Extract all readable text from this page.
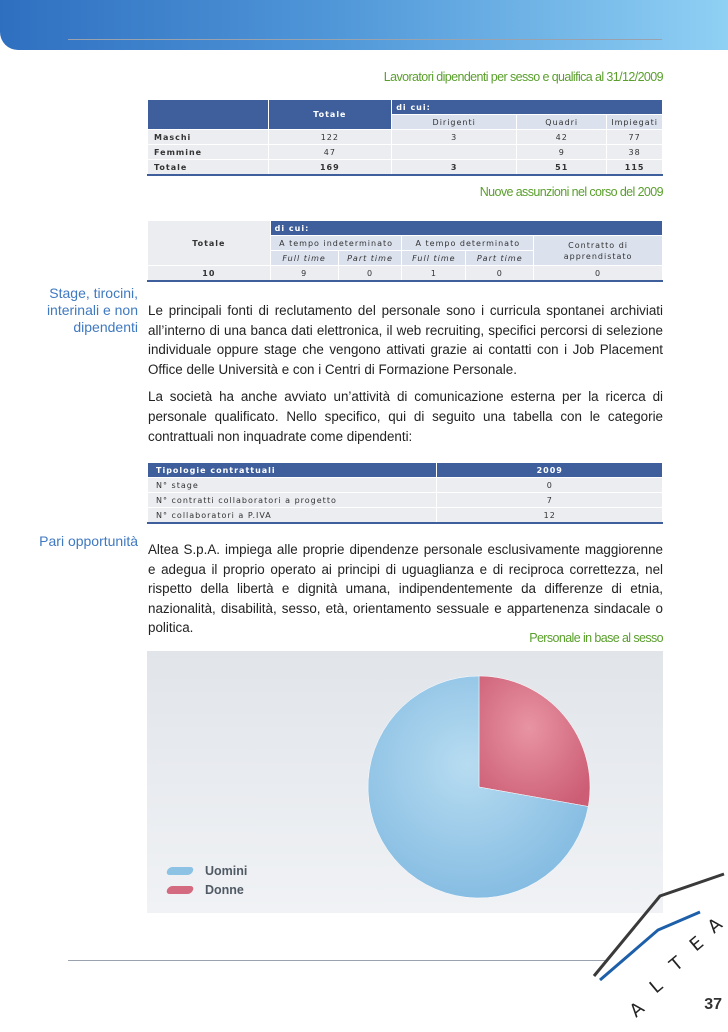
Lavoratori dipendenti per sesso e qualifica al 31/12/2009
	Totale	di cui:		
		Dirigenti	Quadri	Impiegati
Maschi	122	3	42	77
Femmine	47		9	38
Totale	169	3	51	115
Nuove assunzioni nel corso del 2009
Totale	di cui:				
	A tempo indeterminato		A tempo determinato		Contratto di apprendistato
	Full time	Part time	Full time	Part time	
10	9	0	1	0	0
Stage, tirocini, interinali e non dipendenti

Le principali fonti di reclutamento del personale sono i curricula spontanei archiviati all’interno di una banca dati elettronica, il web recruiting, specifici percorsi di selezione individuale oppure stage che vengono attivati grazie ai contatti con i Job Placement Office delle Università e con i Centri di Formazione Personale.

La società ha anche avviato un’attività di comunicazione esterna per la ricerca di personale qualificato. Nello specifico, qui di seguito una tabella con le categorie contrattuali non inquadrate come dipendenti:

Tipologie contrattuali	2009
N° stage	0
N° contratti collaboratori a progetto	7
N° collaboratori a P.IVA	12
Pari opportunità

Altea S.p.A. impiega alle proprie dipendenze personale esclusivamente maggiorenne e adegua il proprio operato ai principi di uguaglianza e di reciproca correttezza, nel rispetto della libertà e dignità umana, indipendentemente da differenze di etnia, nazionalità, disabilità, sesso, età, orientamento sessuale e appartenenza sindacale o politica.

Personale in base al sesso
Uomini
Donne
A
L
T
E
A
37
